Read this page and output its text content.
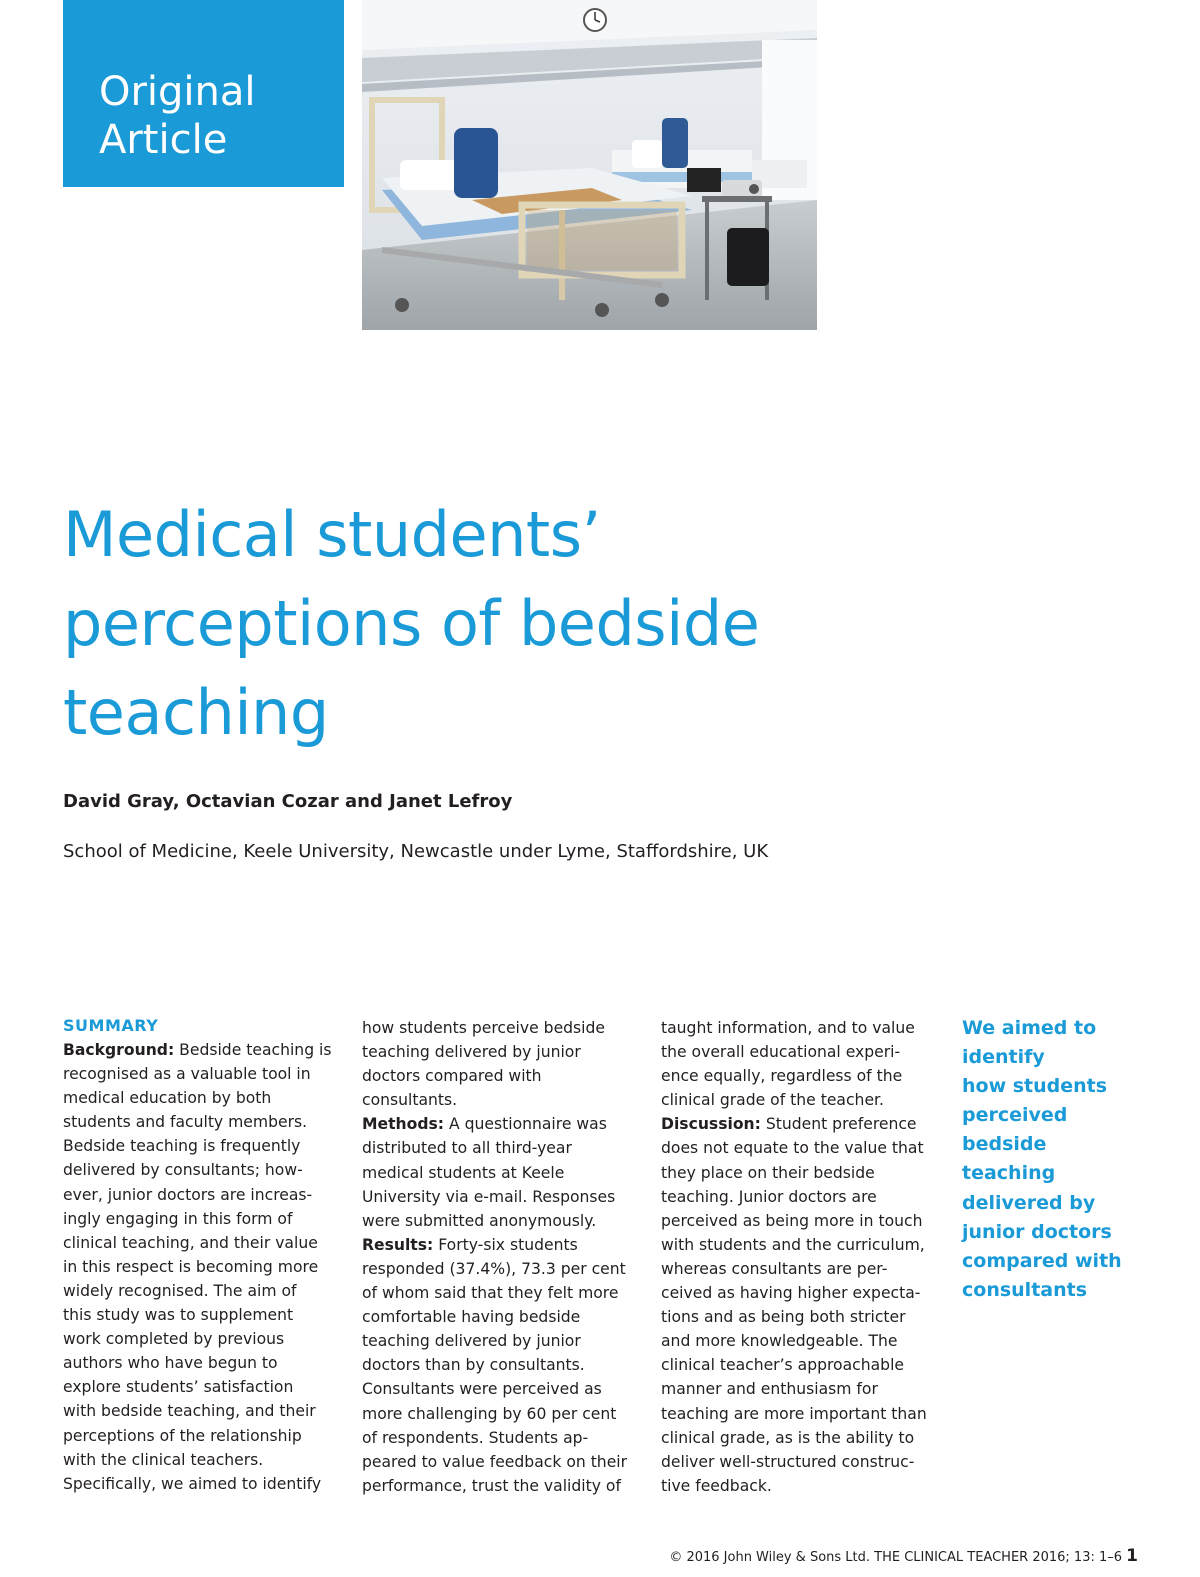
Original
Article
Medical students’
perceptions of bedside
teaching
David Gray, Octavian Cozar and Janet Lefroy
School of Medicine, Keele University, Newcastle under Lyme, Staffordshire, UK
SUMMARY
Background: Bedside teaching is
recognised as a valuable tool in
medical education by both
students and faculty members.
Bedside teaching is frequently
delivered by consultants; how-
ever, junior doctors are increas-
ingly engaging in this form of
clinical teaching, and their value
in this respect is becoming more
widely recognised. The aim of
this study was to supplement
work completed by previous
authors who have begun to
explore students’ satisfaction
with bedside teaching, and their
perceptions of the relationship
with the clinical teachers.
Specifically, we aimed to identify
how students perceive bedside
teaching delivered by junior
doctors compared with
consultants.
Methods: A questionnaire was
distributed to all third-year
medical students at Keele
University via e-mail. Responses
were submitted anonymously.
Results: Forty-six students
responded (37.4%), 73.3 per cent
of whom said that they felt more
comfortable having bedside
teaching delivered by junior
doctors than by consultants.
Consultants were perceived as
more challenging by 60 per cent
of respondents. Students ap-
peared to value feedback on their
performance, trust the validity of
taught information, and to value
the overall educational experi-
ence equally, regardless of the
clinical grade of the teacher.
Discussion: Student preference
does not equate to the value that
they place on their bedside
teaching. Junior doctors are
perceived as being more in touch
with students and the curriculum,
whereas consultants are per-
ceived as having higher expecta-
tions and as being both stricter
and more knowledgeable. The
clinical teacher’s approachable
manner and enthusiasm for
teaching are more important than
clinical grade, as is the ability to
deliver well-structured construc-
tive feedback.
We aimed to
identify
how students
perceived
bedside
teaching
delivered by
junior doctors
compared with
consultants
© 2016 John Wiley & Sons Ltd. THE CLINICAL TEACHER 2016; 13: 1–6 1
